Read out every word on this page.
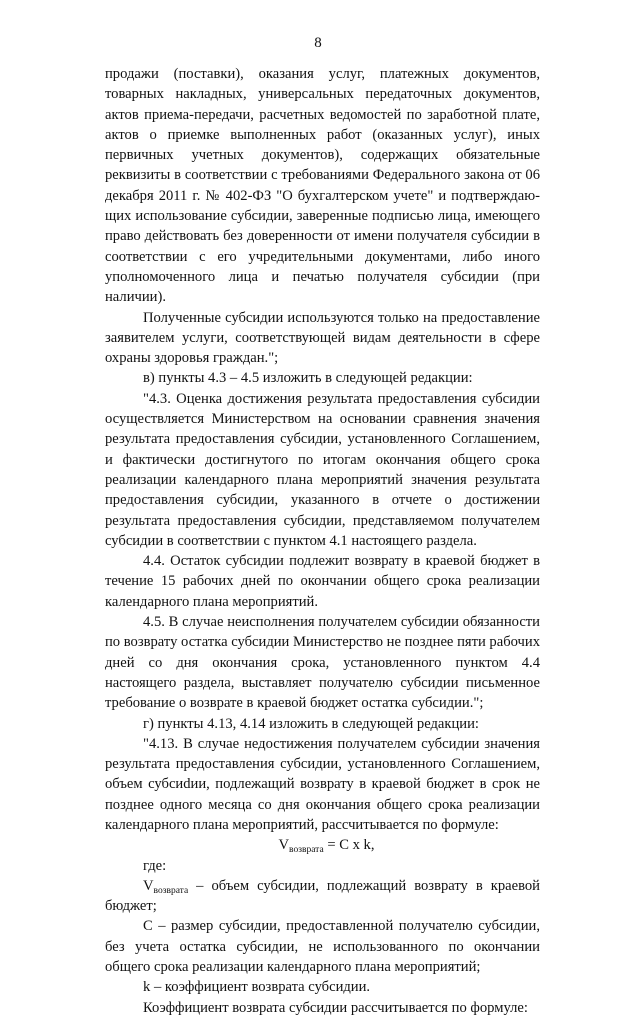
8

продажи (поставки), оказания услуг, платежных документов, товарных накладных, универсальных передаточных документов, актов приема-передачи, расчетных ведомостей по заработной плате, актов о приемке выполненных работ (оказанных услуг), иных первичных учетных документов), содержащих обязательные реквизиты в соответствии с требованиями Федерального закона от 06 декабря 2011 г. № 402-ФЗ "О бухгалтерском учете" и подтверждающих использование субсидии, заверенные подписью лица, имеющего право действовать без доверенности от имени получателя субсидии в соответствии с его учредительными документами, либо иного уполномоченного лица и печатью получателя субсидии (при наличии).

Полученные субсидии используются только на предоставление заявителем услуги, соответствующей видам деятельности в сфере охраны здоровья граждан.";

в) пункты 4.3 – 4.5 изложить в следующей редакции:

"4.3. Оценка достижения результата предоставления субсидии осуществляется Министерством на основании сравнения значения результата предоставления субсидии, установленного Соглашением, и фактически достигнутого по итогам окончания общего срока реализации календарного плана мероприятий значения результата предоставления субсидии, указанного в отчете о достижении результата предоставления субсидии, представляемом получателем субсидии в соответствии с пунктом 4.1 настоящего раздела.

4.4. Остаток субсидии подлежит возврату в краевой бюджет в течение 15 рабочих дней по окончании общего срока реализации календарного плана мероприятий.

4.5. В случае неисполнения получателем субсидии обязанности по возврату остатка субсидии Министерство не позднее пяти рабочих дней со дня окончания срока, установленного пунктом 4.4 настоящего раздела, выставляет получателю субсидии письменное требование о возврате в краевой бюджет остатка субсидии.";

г) пункты 4.13, 4.14 изложить в следующей редакции:

"4.13. В случае недостижения получателем субсидии значения результата предоставления субсидии, установленного Соглашением, объем субсиdии, подлежащий возврату в краевой бюджет в срок не позднее одного месяца со дня окончания общего срока реализации календарного плана мероприятий, рассчитывается по формуле:

$V_{возврата} = C$ x k,

где:

$V_{возврата}$ – объем субсидии, подлежащий возврату в краевой бюджет;

C – размер субсидии, предоставленной получателю субсидии, без учета остатка субсидии, не использованного по окончании общего срока реализации календарного плана мероприятий;

k – коэффициент возврата субсидии.

Коэффициент возврата субсидии рассчитывается по формуле:
